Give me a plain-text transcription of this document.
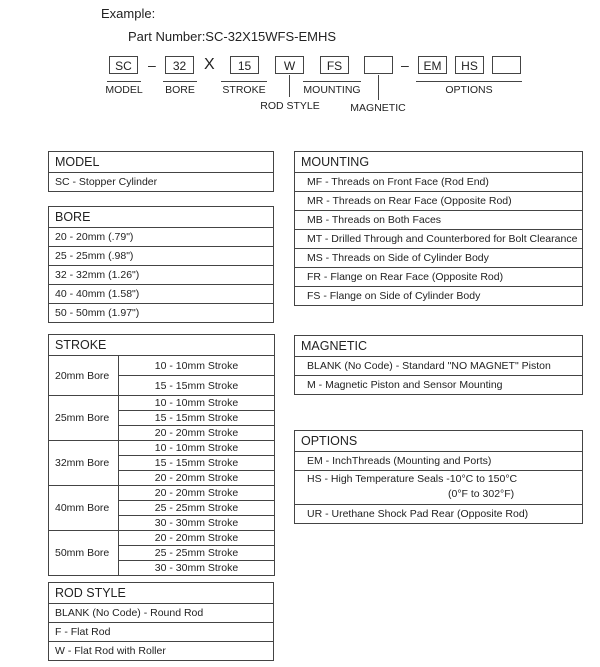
Example:
Part Number:SC-32X15WFS-EMHS
SC	–	32	X	15	W	FS	–	EM	HS
MODEL	BORE	STROKE
ROD STYLE
MOUNTING
MAGNETIC
OPTIONS
MODEL
SC - Stopper Cylinder
BORE
20 - 20mm (.79")
25 - 25mm (.98")
32 - 32mm (1.26")
40 - 40mm (1.58")
50 - 50mm (1.97")
STROKE	
20mm Bore	10 - 10mm Stroke
	15 - 15mm Stroke
25mm Bore	10 - 10mm Stroke
	15 - 15mm Stroke
	20 - 20mm Stroke
32mm Bore	10 - 10mm Stroke
	15 - 15mm Stroke
	20 - 20mm Stroke
40mm Bore	20 - 20mm Stroke
	25 - 25mm Stroke
	30 - 30mm Stroke
50mm Bore	20 - 20mm Stroke
	25 - 25mm Stroke
	30 - 30mm Stroke
ROD STYLE
BLANK (No Code) - Round Rod
F - Flat Rod
W - Flat Rod with Roller
MOUNTING
MF - Threads on Front Face (Rod End)
MR - Threads on Rear Face (Opposite Rod)
MB - Threads on Both Faces
MT - Drilled Through and Counterbored for Bolt Clearance
MS - Threads on Side of Cylinder Body
FR - Flange on Rear Face (Opposite Rod)
FS - Flange on Side of Cylinder Body
MAGNETIC
BLANK (No Code) - Standard "NO MAGNET" Piston
M - Magnetic Piston and Sensor Mounting
OPTIONS
EM - InchThreads (Mounting and Ports)

HS - High Temperature Seals -10°C to 150°C
(0°F to 302°F)

UR - Urethane Shock Pad Rear (Opposite Rod)
